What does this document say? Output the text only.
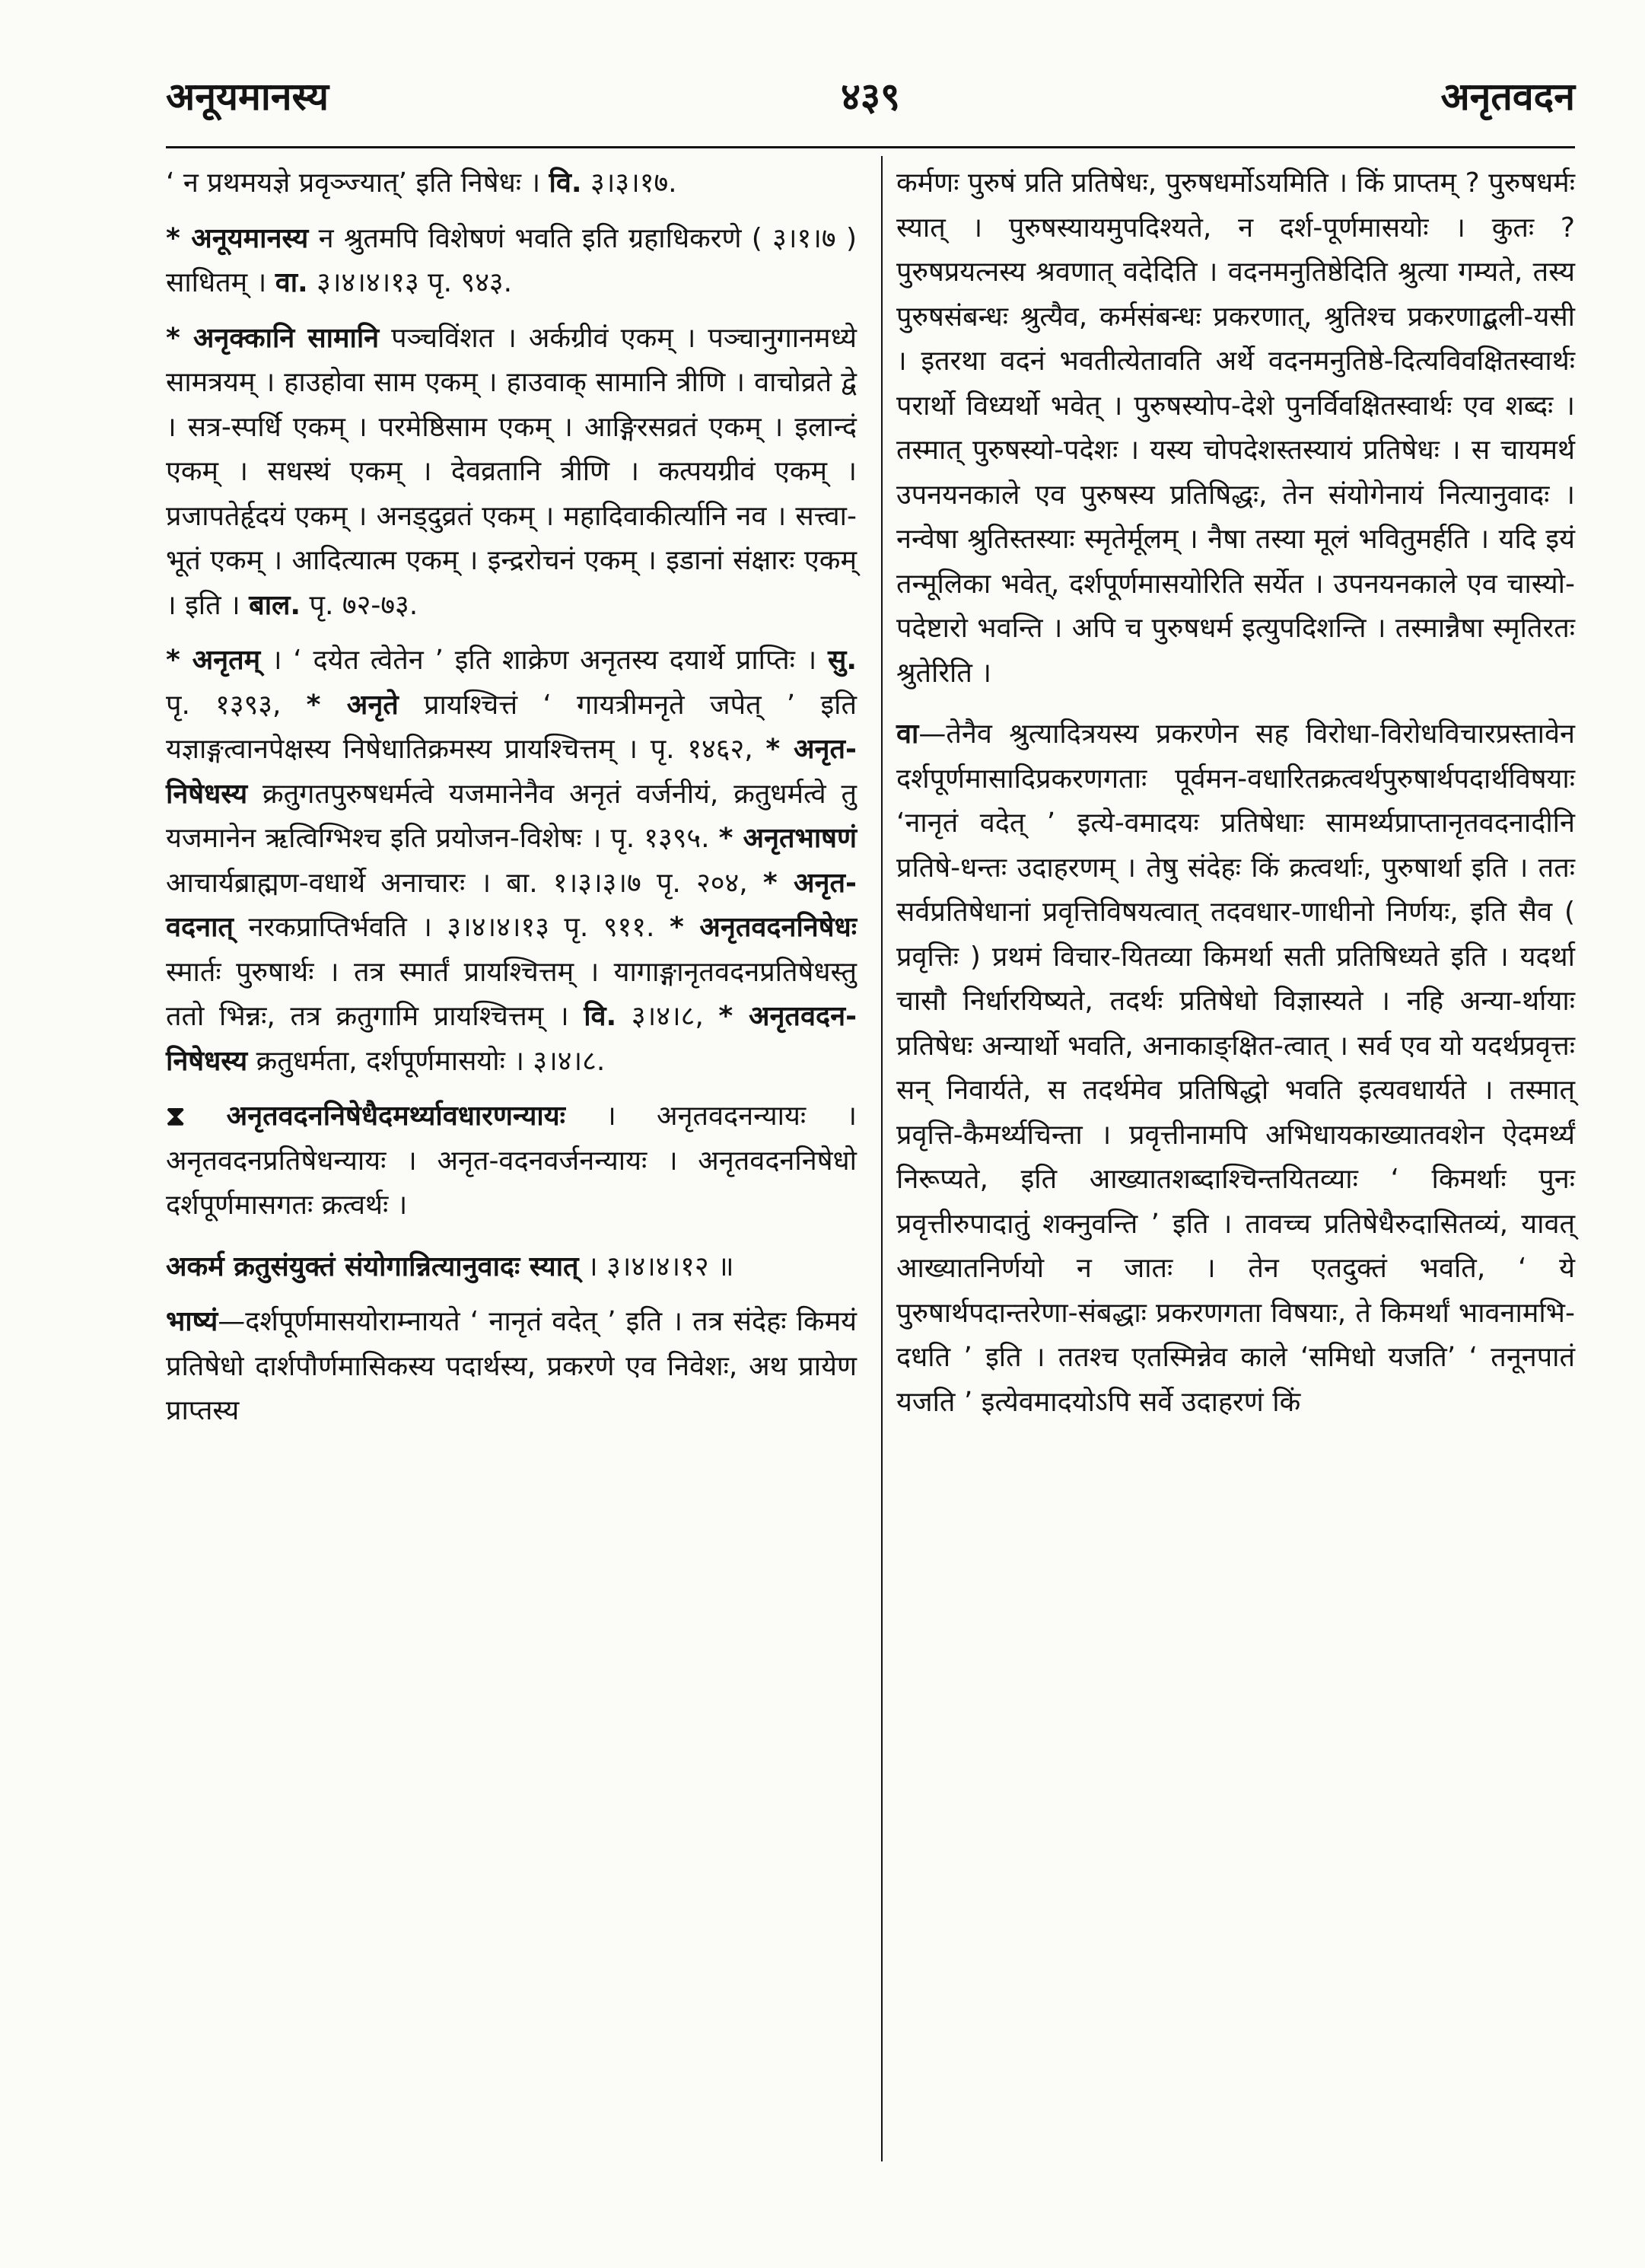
४३९
अनूयमानस्य	अनृतवदन

‘ न प्रथमयज्ञे प्रवृञ्ज्यात्’ इति निषेधः । वि. ३।३।१७.

* अनूयमानस्य न श्रुतमपि विशेषणं भवति इति ग्रहाधिकरणे ( ३।१।७ ) साधितम् । वा. ३।४।४।१३ पृ. ९४३.

* अनृक्कानि सामानि पञ्चविंशत । अर्कग्रीवं एकम् । पञ्चानुगानमध्ये सामत्रयम् । हाउहोवा साम एकम् । हाउवाक् सामानि त्रीणि । वाचोव्रते द्वे । सत्र-स्पर्धि एकम् । परमेष्ठिसाम एकम् । आङ्गिरसव्रतं एकम् । इलान्दं एकम् । सधस्थं एकम् । देवव्रतानि त्रीणि । कत्पयग्रीवं एकम् । प्रजापतेर्हृदयं एकम् । अनड्दुव्रतं एकम् । महादिवाकीर्त्यानि नव । सत्त्वा-भूतं एकम् । आदित्यात्म एकम् । इन्द्ररोचनं एकम् । इडानां संक्षारः एकम् । इति । बाल. पृ. ७२-७३.

* अनृतम् । ‘ दयेत त्वेतेन ’ इति शाक्रेण अनृतस्य दयार्थे प्राप्तिः । सु. पृ. १३९३, * अनृते प्रायश्चित्तं ‘ गायत्रीमनृते जपेत् ’ इति यज्ञाङ्गत्वानपेक्षस्य निषेधातिक्रमस्य प्रायश्चित्तम् । पृ. १४६२, * अनृत-निषेधस्य क्रतुगतपुरुषधर्मत्वे यजमानेनैव अनृतं वर्जनीयं, क्रतुधर्मत्वे तु यजमानेन ऋत्विग्भिश्च इति प्रयोजन-विशेषः । पृ. १३९५. * अनृतभाषणं आचार्यब्राह्मण-वधार्थे अनाचारः । बा. १।३।३।७ पृ. २०४, * अनृत-वदनात् नरकप्राप्तिर्भवति । ३।४।४।१३ पृ. ९११. * अनृतवदननिषेधः स्मार्तः पुरुषार्थः । तत्र स्मार्तं प्रायश्चित्तम् । यागाङ्गानृतवदनप्रतिषेधस्तु ततो भिन्नः, तत्र क्रतुगामि प्रायश्चित्तम् । वि. ३।४।८, * अनृतवदन-निषेधस्य क्रतुधर्मता, दर्शपूर्णमासयोः । ३।४।८.

⧗ अनृतवदननिषेधैदमर्थ्यावधारणन्यायः । अनृतवदनन्यायः । अनृतवदनप्रतिषेधन्यायः । अनृत-वदनवर्जनन्यायः । अनृतवदननिषेधो दर्शपूर्णमासगतः क्रत्वर्थः ।

अकर्म क्रतुसंयुक्तं संयोगान्नित्यानुवादः स्यात् । ३।४।४।१२ ॥

भाष्यं—दर्शपूर्णमासयोराम्नायते ‘ नानृतं वदेत् ’ इति । तत्र संदेहः किमयं प्रतिषेधो दार्शपौर्णमासिकस्य पदार्थस्य, प्रकरणे एव निवेशः, अथ प्रायेण प्राप्तस्य

कर्मणः पुरुषं प्रति प्रतिषेधः, पुरुषधर्मोऽयमिति । किं प्राप्तम् ? पुरुषधर्मः स्यात् । पुरुषस्यायमुपदिश्यते, न दर्श-पूर्णमासयोः । कुतः ? पुरुषप्रयत्नस्य श्रवणात् वदेदिति । वदनमनुतिष्ठेदिति श्रुत्या गम्यते, तस्य पुरुषसंबन्धः श्रुत्यैव, कर्मसंबन्धः प्रकरणात्, श्रुतिश्च प्रकरणाद्बली-यसी । इतरथा वदनं भवतीत्येतावति अर्थे वदनमनुतिष्ठे-दित्यविवक्षितस्वार्थः परार्थो विध्यर्थो भवेत् । पुरुषस्योप-देशे पुनर्विवक्षितस्वार्थः एव शब्दः । तस्मात् पुरुषस्यो-पदेशः । यस्य चोपदेशस्तस्यायं प्रतिषेधः । स चायमर्थ उपनयनकाले एव पुरुषस्य प्रतिषिद्धः, तेन संयोगेनायं नित्यानुवादः । नन्वेषा श्रुतिस्तस्याः स्मृतेर्मूलम् । नैषा तस्या मूलं भवितुमर्हति । यदि इयं तन्मूलिका भवेत्, दर्शपूर्णमासयोरिति सर्येत । उपनयनकाले एव चास्यो-पदेष्टारो भवन्ति । अपि च पुरुषधर्म इत्युपदिशन्ति । तस्मान्नैषा स्मृतिरतः श्रुतेरिति ।

वा—तेनैव श्रुत्यादित्रयस्य प्रकरणेन सह विरोधा-विरोधविचारप्रस्तावेन दर्शपूर्णमासादिप्रकरणगताः पूर्वमन-वधारितक्रत्वर्थपुरुषार्थपदार्थविषयाः ‘नानृतं वदेत् ’ इत्ये-वमादयः प्रतिषेधाः सामर्थ्यप्राप्तानृतवदनादीनि प्रतिषे-धन्तः उदाहरणम् । तेषु संदेहः किं क्रत्वर्थाः, पुरुषार्था इति । ततः सर्वप्रतिषेधानां प्रवृत्तिविषयत्वात् तदवधार-णाधीनो निर्णयः, इति सैव ( प्रवृत्तिः ) प्रथमं विचार-यितव्या किमर्था सती प्रतिषिध्यते इति । यदर्था चासौ निर्धारयिष्यते, तदर्थः प्रतिषेधो विज्ञास्यते । नहि अन्या-र्थायाः प्रतिषेधः अन्यार्थो भवति, अनाकाङ्क्षित-त्वात् । सर्व एव यो यदर्थप्रवृत्तः सन् निवार्यते, स तदर्थमेव प्रतिषिद्धो भवति इत्यवधार्यते । तस्मात् प्रवृत्ति-कैमर्थ्यचिन्ता । प्रवृत्तीनामपि अभिधायकाख्यातवशेन ऐदमर्थ्यं निरूप्यते, इति आख्यातशब्दाश्चिन्तयितव्याः ‘ किमर्थाः पुनः प्रवृत्तीरुपादातुं शक्नुवन्ति ’ इति । तावच्च प्रतिषेधैरुदासितव्यं, यावत् आख्यातनिर्णयो न जातः । तेन एतदुक्तं भवति, ‘ ये पुरुषार्थपदान्तरेणा-संबद्धाः प्रकरणगता विषयाः, ते किमर्थां भावनामभि-दधति ’ इति । ततश्च एतस्मिन्नेव काले ‘समिधो यजति’ ‘ तनूनपातं यजति ’ इत्येवमादयोऽपि सर्वे उदाहरणं किं
